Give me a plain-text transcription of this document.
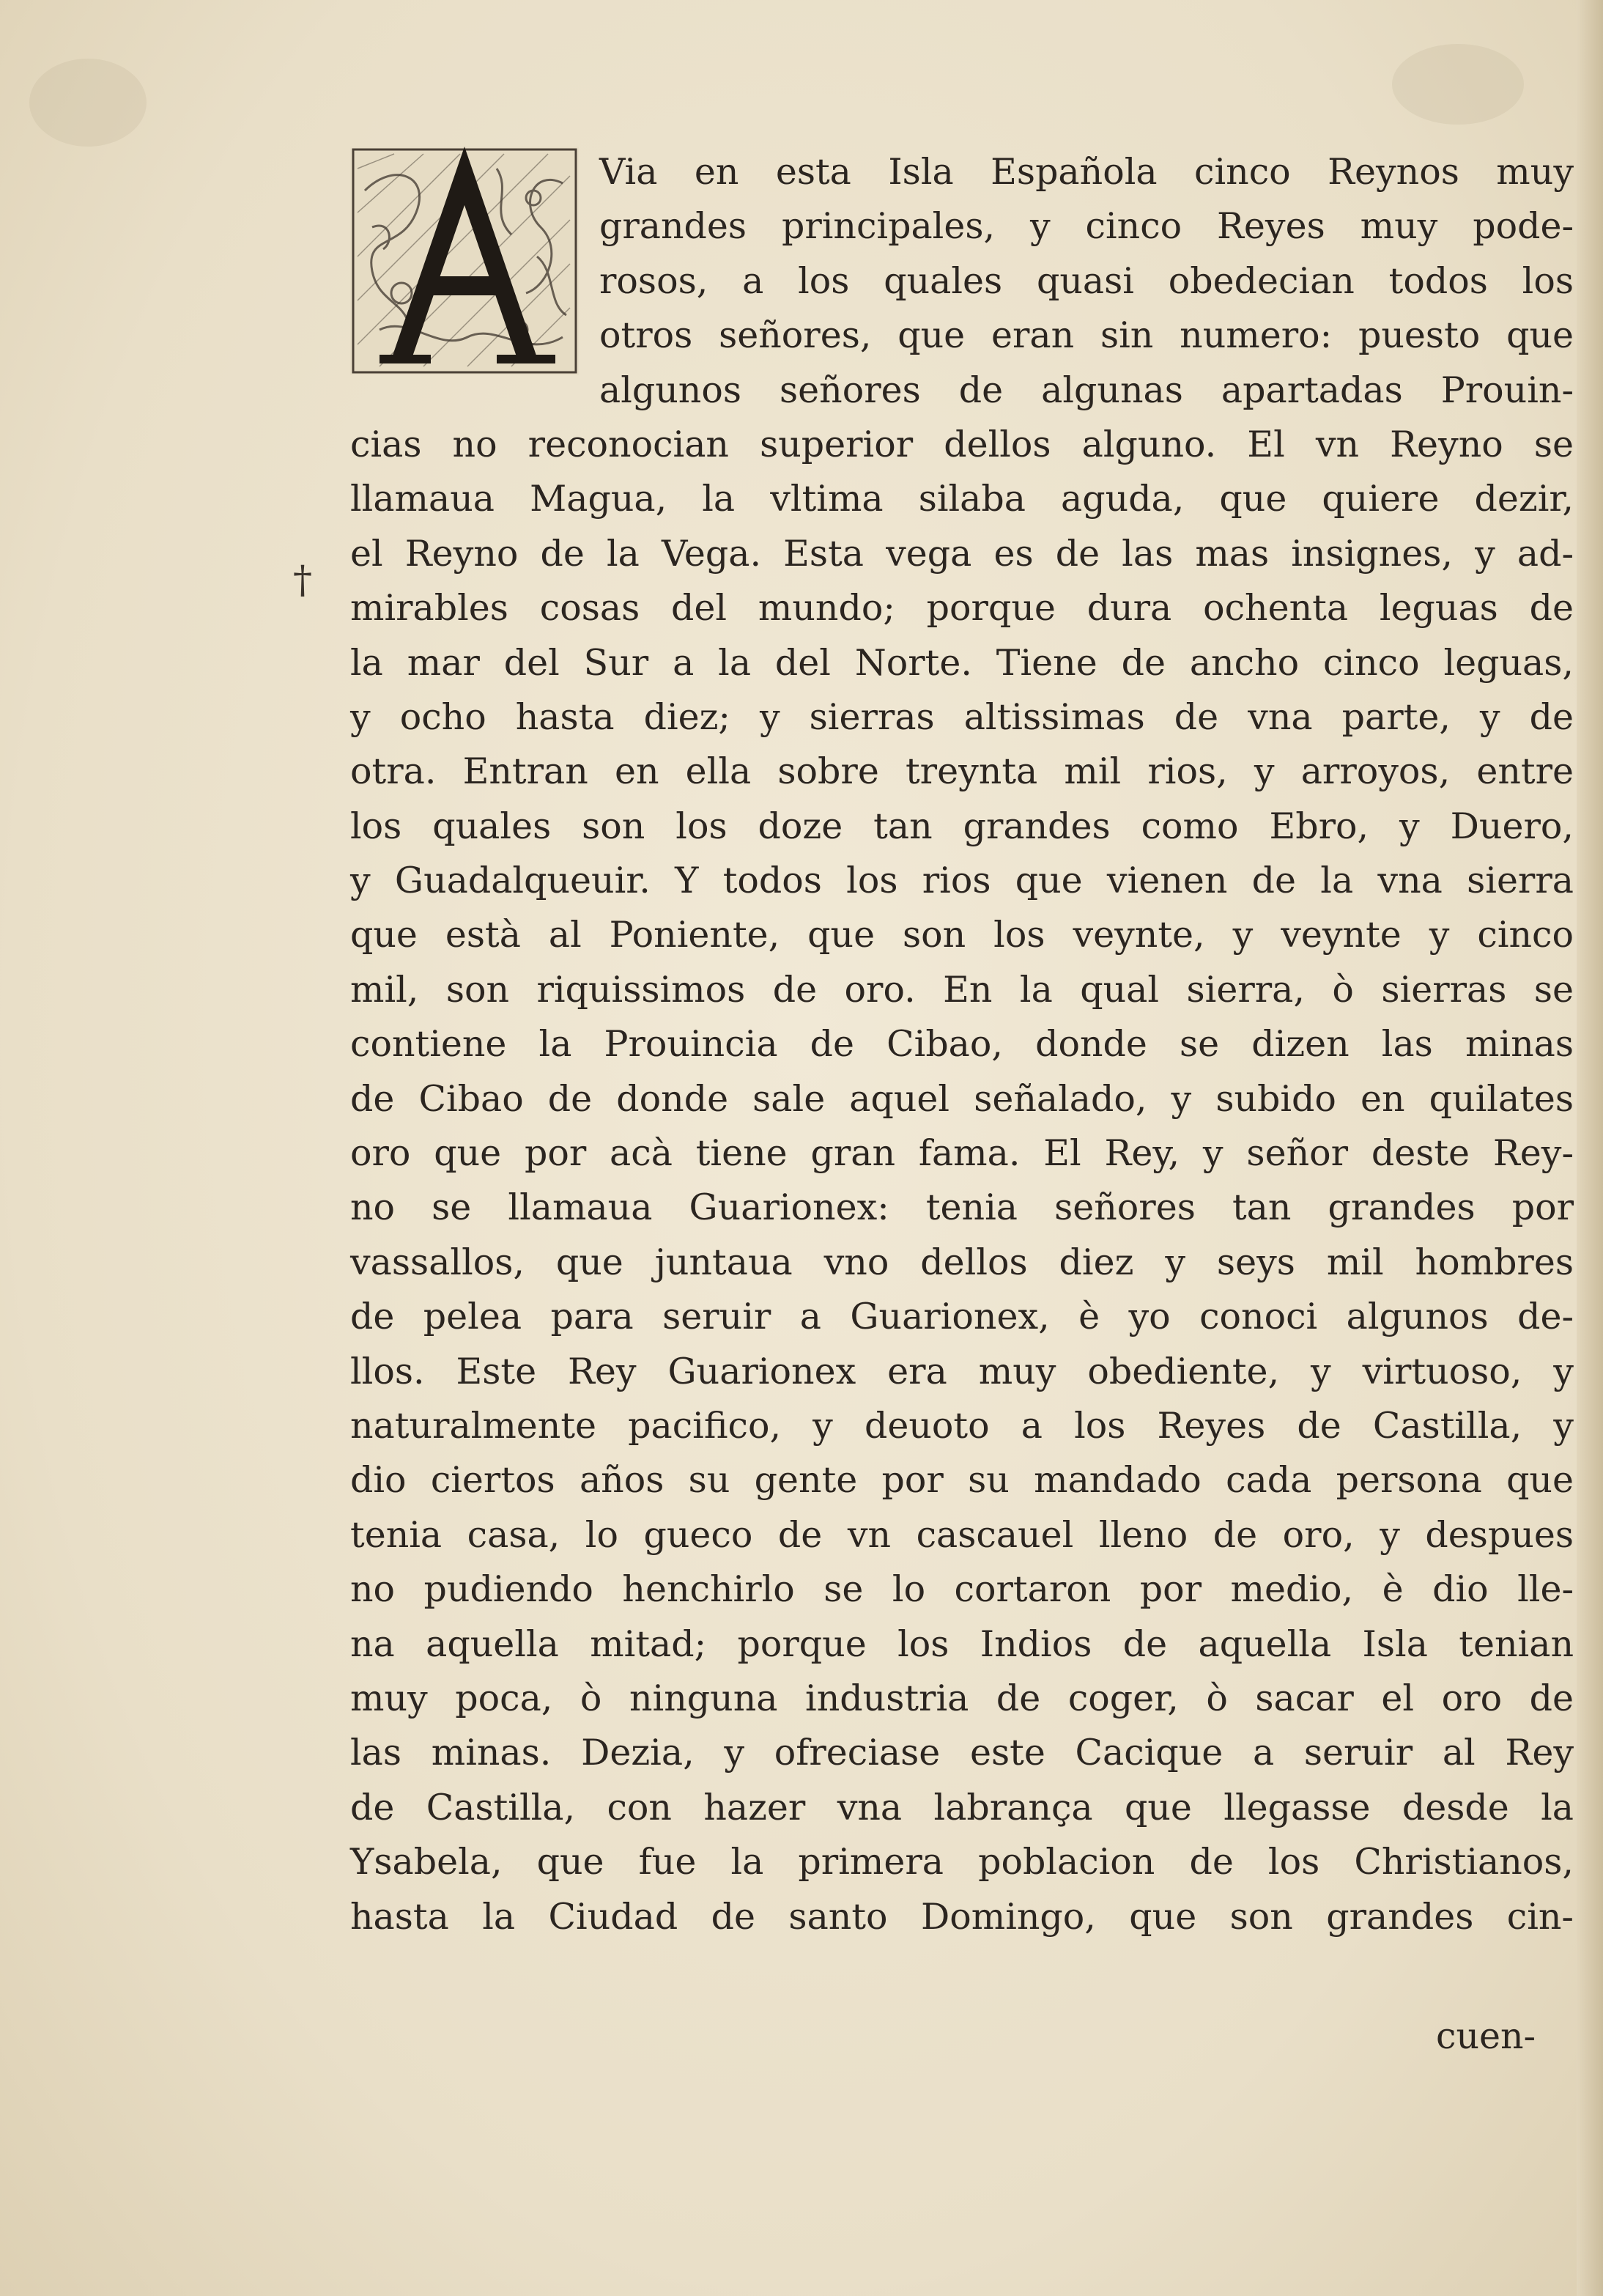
†
Via en esta Isla Española cinco Reynos muy
grandes principales, y cinco Reyes muy pode-
rosos, a los quales quasi obedecian todos los
otros señores, que eran sin numero: puesto que
algunos señores de algunas apartadas Prouin-
cias no reconocian superior dellos alguno. El vn Reyno se
llamaua Magua, la vltima silaba aguda, que quiere dezir,
el Reyno de la Vega. Esta vega es de las mas insignes, y ad-
mirables cosas del mundo; porque dura ochenta leguas de
la mar del Sur a la del Norte. Tiene de ancho cinco leguas,
y ocho hasta diez; y sierras altissimas de vna parte, y de
otra. Entran en ella sobre treynta mil rios, y arroyos, entre
los quales son los doze tan grandes como Ebro, y Duero,
y Guadalqueuir. Y todos los rios que vienen de la vna sierra
que està al Poniente, que son los veynte, y veynte y cinco
mil, son riquissimos de oro. En la qual sierra, ò sierras se
contiene la Prouincia de Cibao, donde se dizen las minas
de Cibao de donde sale aquel señalado, y subido en quilates
oro que por acà tiene gran fama. El Rey, y señor deste Rey-
no se llamaua Guarionex: tenia señores tan grandes por
vassallos, que juntaua vno dellos diez y seys mil hombres
de pelea para seruir a Guarionex, è yo conoci algunos de-
llos. Este Rey Guarionex era muy obediente, y virtuoso, y
naturalmente pacifico, y deuoto a los Reyes de Castilla, y
dio ciertos años su gente por su mandado cada persona que
tenia casa, lo gueco de vn cascauel lleno de oro, y despues
no pudiendo henchirlo se lo cortaron por medio, è dio lle-
na aquella mitad; porque los Indios de aquella Isla tenian
muy poca, ò ninguna industria de coger, ò sacar el oro de
las minas. Dezia, y ofreciase este Cacique a seruir al Rey
de Castilla, con hazer vna labrança que llegasse desde la
Ysabela, que fue la primera poblacion de los Christianos,
hasta la Ciudad de santo Domingo, que son grandes cin-
cuen-
